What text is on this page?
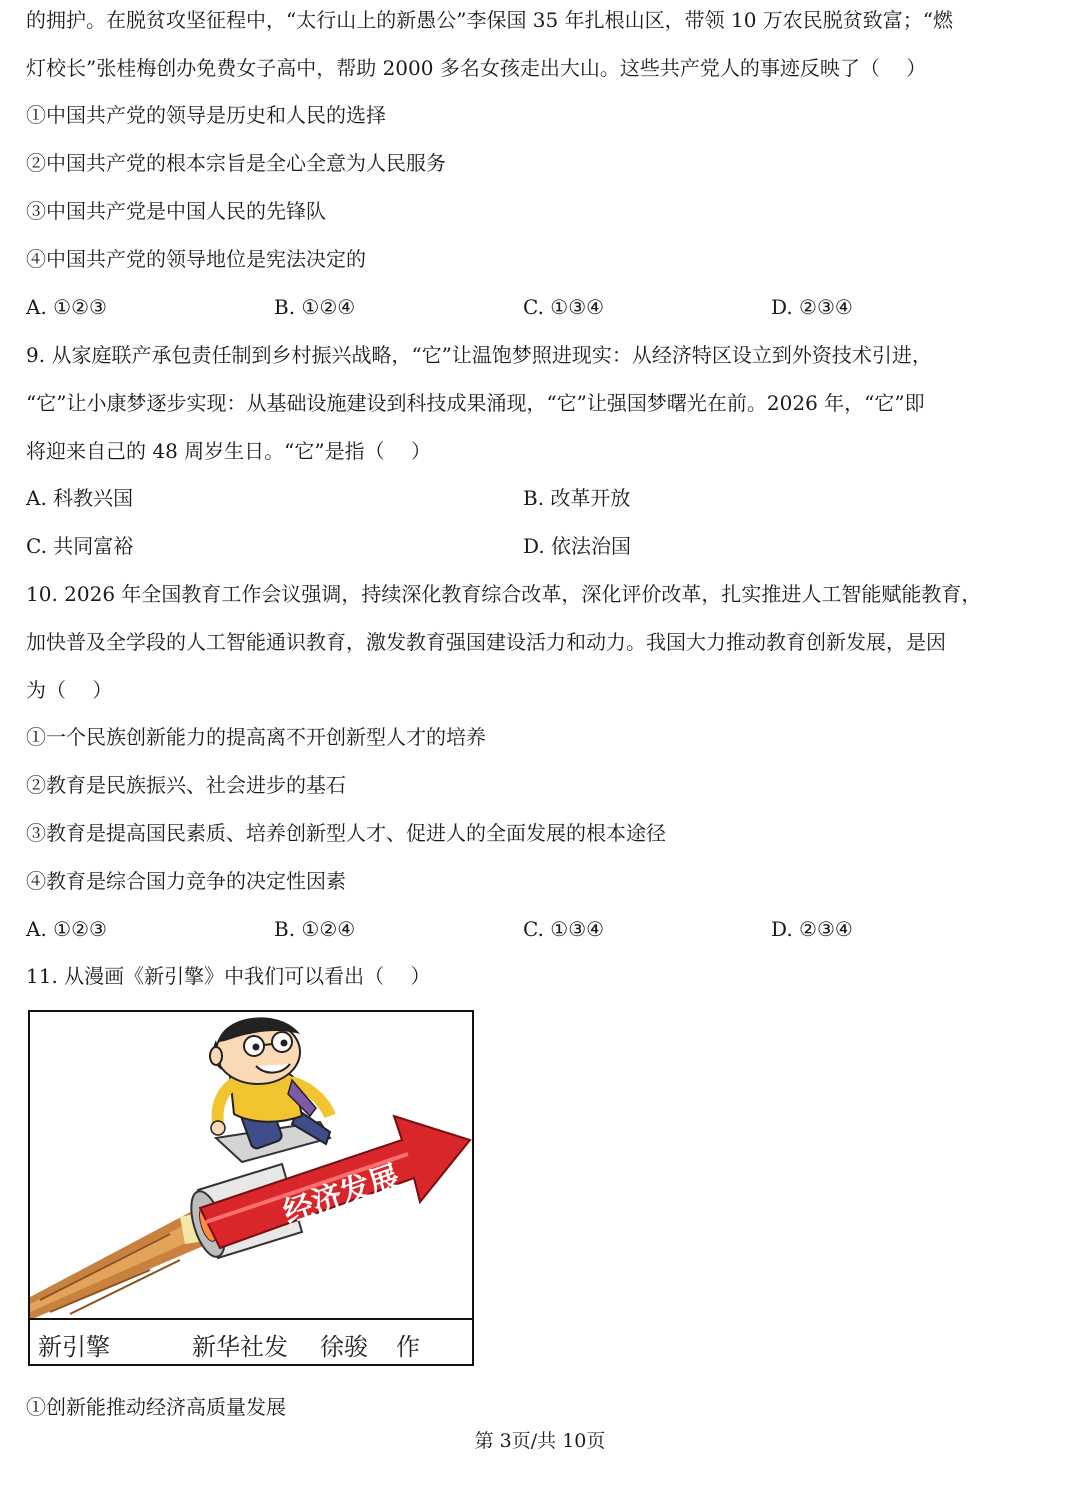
的拥护。在脱贫攻坚征程中，“太行山上的新愚公”李保国 35 年扎根山区，带领 10 万农民脱贫致富；“燃
灯校长”张桂梅创办免费女子高中，帮助 2000 多名女孩走出大山。这些共产党人的事迹反映了（　 ）
①中国共产党的领导是历史和人民的选择
②中国共产党的根本宗旨是全心全意为人民服务
③中国共产党是中国人民的先锋队
④中国共产党的领导地位是宪法决定的
A. ①②③	B. ①②④	C. ①③④	D. ②③④
9. 从家庭联产承包责任制到乡村振兴战略，“它”让温饱梦照进现实：从经济特区设立到外资技术引进，
“它”让小康梦逐步实现：从基础设施建设到科技成果涌现，“它”让强国梦曙光在前。2026 年，“它”即
将迎来自己的 48 周岁生日。“它”是指（　 ）
A. 科教兴国	B. 改革开放
C. 共同富裕	D. 依法治国
10. 2026 年全国教育工作会议强调，持续深化教育综合改革，深化评价改革，扎实推进人工智能赋能教育，
加快普及全学段的人工智能通识教育，激发教育强国建设活力和动力。我国大力推动教育创新发展，是因
为（　 ）
①一个民族创新能力的提高离不开创新型人才的培养
②教育是民族振兴、社会进步的基石
③教育是提高国民素质、培养创新型人才、促进人的全面发展的根本途径
④教育是综合国力竞争的决定性因素
A. ①②③	B. ①②④	C. ①③④	D. ②③④
11. 从漫画《新引擎》中我们可以看出（　 ）
经济发展
新引擎	新华社发 徐骏 作
①创新能推动经济高质量发展
第 3页/共 10页
